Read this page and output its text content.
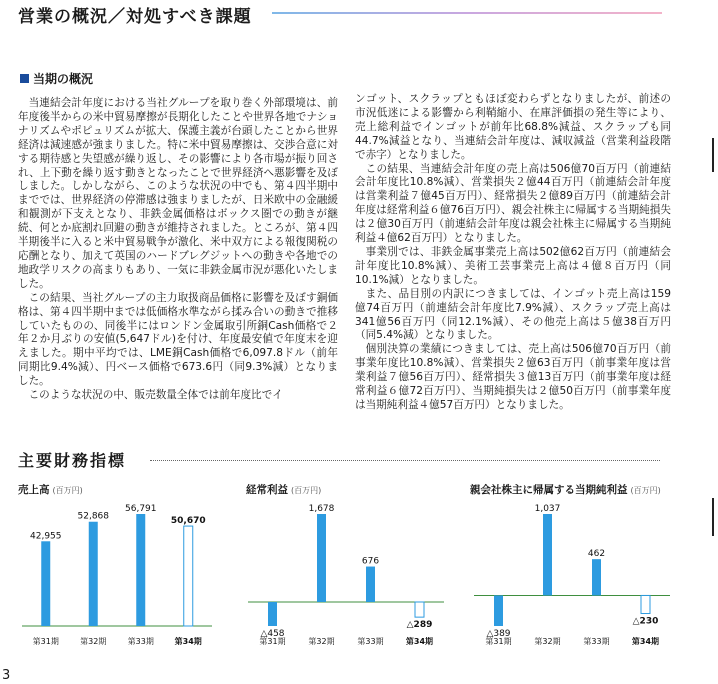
営業の概況／対処すべき課題
当期の概況

当連結会計年度における当社グループを取り巻く外部環境は、前年度後半からの米中貿易摩擦が長期化したことや世界各地でナショナリズムやポピュリズムが拡大、保護主義が台頭したことから世界経済は減速感が強まりました。特に米中貿易摩擦は、交渉合意に対する期待感と失望感が繰り返し、その影響により各市場が振り回され、上下動を繰り返す動きとなったことで世界経済へ悪影響を及ぼしました。しかしながら、このような状況の中でも、第４四半期中まででは、世界経済の停滞感は強まりましたが、日米欧中の金融緩和観測が下支えとなり、非鉄金属価格はボックス圏での動きが継続、何とか底割れ回避の動きが維持されました。ところが、第４四半期後半に入ると米中貿易戦争が激化、米中双方による報復関税の応酬となり、加えて英国のハードブレグジットへの動きや各地での地政学リスクの高まりもあり、一気に非鉄金属市況が悪化いたしました。

この結果、当社グループの主力取扱商品価格に影響を及ぼす銅価格は、第４四半期中までは低価格水準ながら揉み合いの動きで推移していたものの、同後半にはロンドン金属取引所銅Cash価格で２年２か月ぶりの安値(5,647ドル)を付け、年度最安値で年度末を迎えました。期中平均では、LME銅Cash価格で6,097.8ドル（前年同期比9.4%減）、円ベース価格で673.6円（同9.3%減）となりました。

このような状況の中、販売数量全体では前年度比でイ

ンゴット、スクラップともほぼ変わらずとなりましたが、前述の市況低迷による影響から利鞘縮小、在庫評価損の発生等により、売上総利益でインゴットが前年比68.8%減益、スクラップも同44.7%減益となり、当連結会計年度は、減収減益（営業利益段階で赤字）となりました。

この結果、当連結会計年度の売上高は506億70百万円（前連結会計年度比10.8%減）、営業損失２億44百万円（前連結会計年度は営業利益７億45百万円）、経常損失２億89百万円（前連結会計年度は経常利益６億76百万円）、親会社株主に帰属する当期純損失は２億30百万円（前連結会計年度は親会社株主に帰属する当期純利益４億62百万円）となりました。

事業別では、非鉄金属事業売上高は502億62百万円（前連結会計年度比10.8%減）、美術工芸事業売上高は４億８百万円（同10.1%減）となりました。

また、品目別の内訳につきましては、インゴット売上高は159億74百万円（前連結会計年度比7.9%減）、スクラップ売上高は341億56百万円（同12.1%減）、その他売上高は５億38百万円（同5.4%減）となりました。

個別決算の業績につきましては、売上高は506億70百万円（前事業年度比10.8%減）、営業損失２億63百万円（前事業年度は営業利益７億56百万円）、経常損失３億13百万円（前事業年度は経常利益６億72百万円）、当期純損失は２億50百万円（前事業年度は当期純利益４億57百万円）となりました。

主要財務指標
売上高 (百万円)
42,955
第31期
52,868
第32期
56,791
第33期
50,670
第34期
経常利益 (百万円)
△458
第31期
1,678
第32期
676
第33期
△289
第34期
親会社株主に帰属する当期純利益 (百万円)
△389
第31期
1,037
第32期
462
第33期
△230
第34期
3
